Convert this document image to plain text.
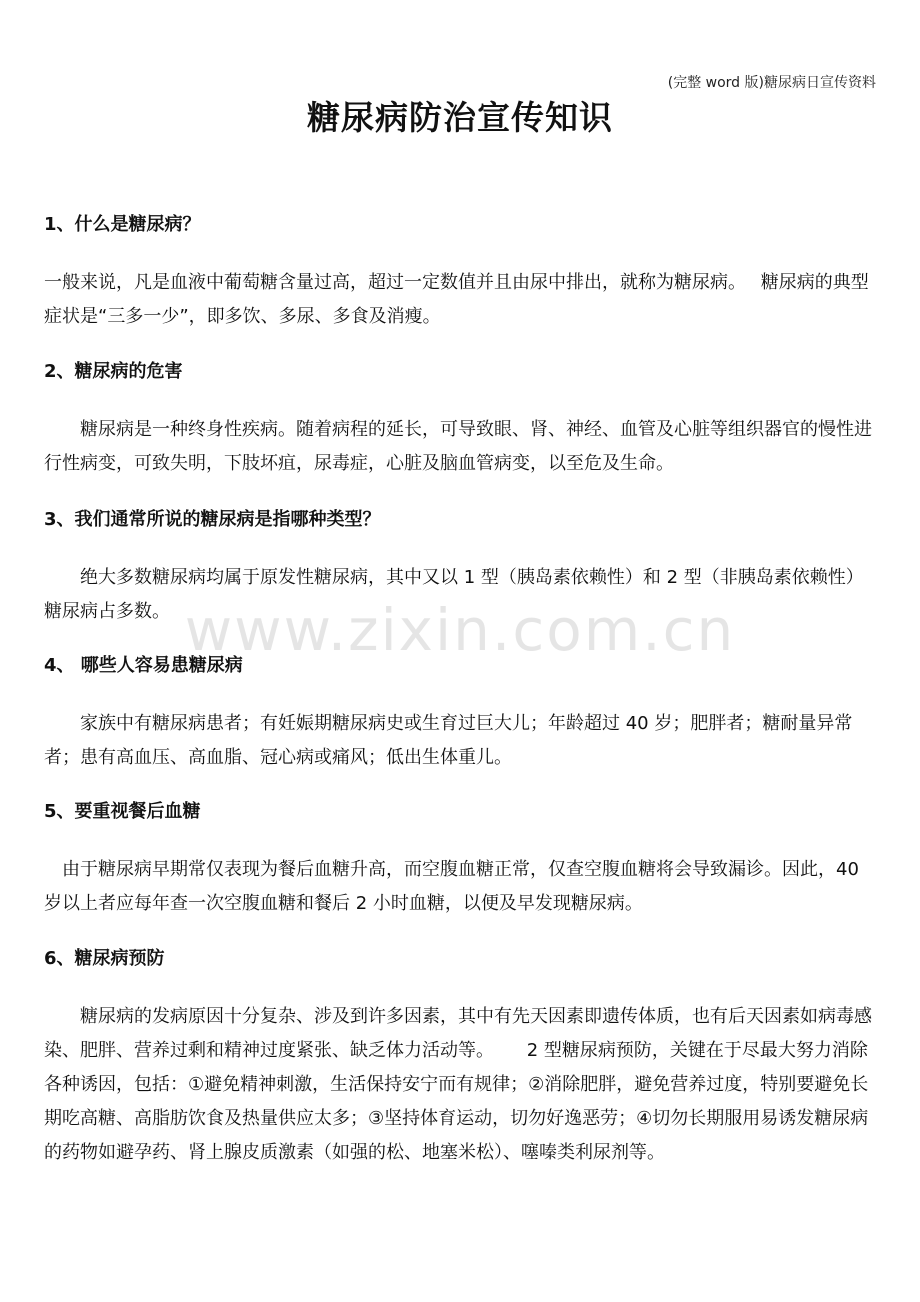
(完整 word 版)糖尿病日宣传资料
糖尿病防治宣传知识
www.zixin.com.cn
1、什么是糖尿病？

一般来说，凡是血液中葡萄糖含量过高，超过一定数值并且由尿中排出，就称为糖尿病。　 糖尿病的典型症状是“三多一少”，即多饮、多尿、多食及消瘦。

2、糖尿病的危害

　　糖尿病是一种终身性疾病。随着病程的延长，可导致眼、肾、神经、血管及心脏等组织器官的慢性进行性病变，可致失明，下肢坏疽，尿毒症，心脏及脑血管病变，以至危及生命。

3、我们通常所说的糖尿病是指哪种类型？

　　绝大多数糖尿病均属于原发性糖尿病，其中又以 1 型（胰岛素依赖性）和 2 型（非胰岛素依赖性）糖尿病占多数。

4、 哪些人容易患糖尿病

　　家族中有糖尿病患者；有妊娠期糖尿病史或生育过巨大儿；年龄超过 40 岁；肥胖者；糖耐量异常者；患有高血压、高血脂、冠心病或痛风；低出生体重儿。

5、要重视餐后血糖

　由于糖尿病早期常仅表现为餐后血糖升高，而空腹血糖正常，仅查空腹血糖将会导致漏诊。因此，40 岁以上者应每年查一次空腹血糖和餐后 2 小时血糖，以便及早发现糖尿病。

6、糖尿病预防

　　糖尿病的发病原因十分复杂、涉及到许多因素，其中有先天因素即遗传体质，也有后天因素如病毒感染、肥胖、营养过剩和精神过度紧张、缺乏体力活动等。　　 2 型糖尿病预防，关键在于尽最大努力消除各种诱因，包括：①避免精神刺激，生活保持安宁而有规律；②消除肥胖，避免营养过度，特别要避免长期吃高糖、高脂肪饮食及热量供应太多；③坚持体育运动，切勿好逸恶劳；④切勿长期服用易诱发糖尿病的药物如避孕药、肾上腺皮质激素（如强的松、地塞米松）、噻嗪类利尿剂等。
